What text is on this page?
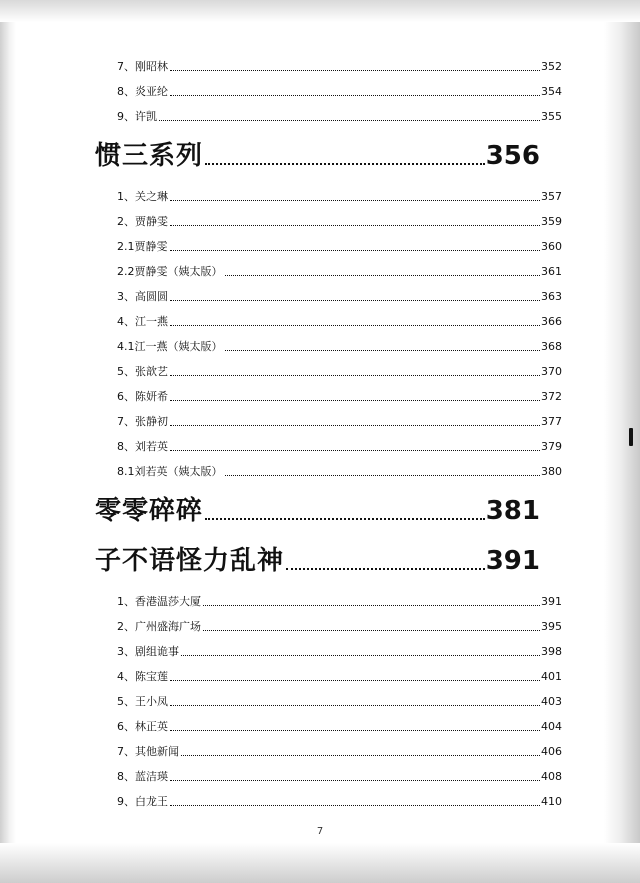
7、刚昭林	352
8、炎亚纶	354
9、许凯	355
惯三系列	356
1、关之琳	357
2、贾静雯	359
2.1贾静雯	360
2.2贾静雯（姨太版）	361
3、高圆圆	363
4、江一燕	366
4.1江一燕（姨太版）	368
5、张歆艺	370
6、陈妍希	372
7、张静初	377
8、刘若英	379
8.1刘若英（姨太版）	380
零零碎碎	381
子不语怪力乱神	391
1、香港温莎大厦	391
2、广州盛海广场	395
3、剧组诡事	398
4、陈宝莲	401
5、王小凤	403
6、林正英	404
7、其他新闻	406
8、蓝洁瑛	408
9、白龙王	410
7
